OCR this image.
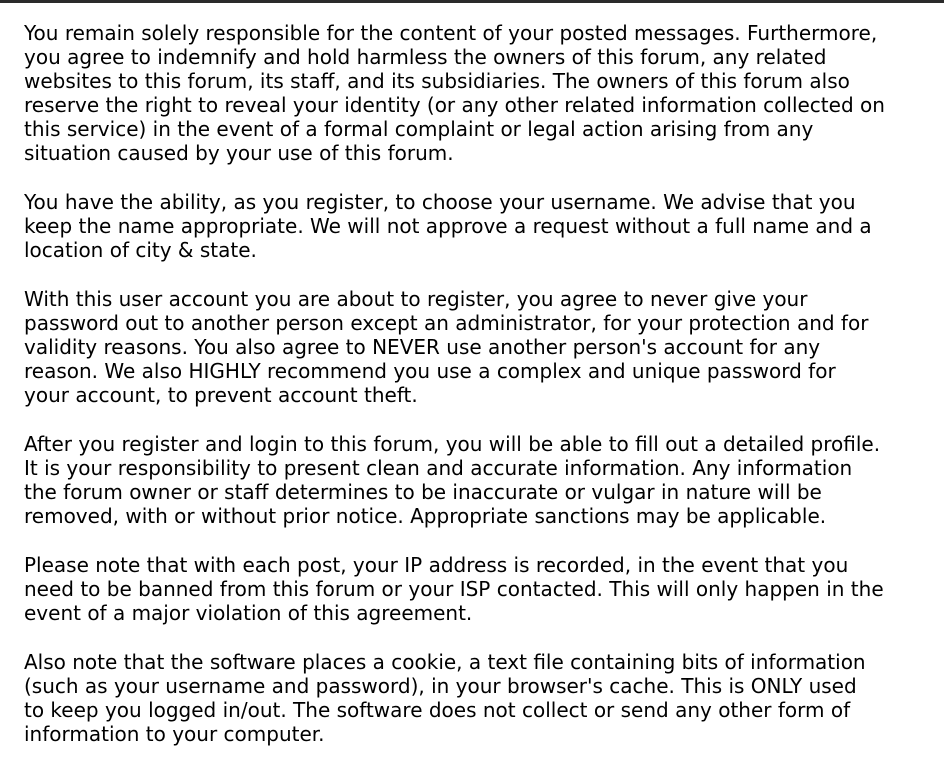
You remain solely responsible for the content of your posted messages. Furthermore,
you agree to indemnify and hold harmless the owners of this forum, any related
websites to this forum, its staff, and its subsidiaries. The owners of this forum also
reserve the right to reveal your identity (or any other related information collected on
this service) in the event of a formal complaint or legal action arising from any
situation caused by your use of this forum.
You have the ability, as you register, to choose your username. We advise that you
keep the name appropriate. We will not approve a request without a full name and a
location of city & state.
With this user account you are about to register, you agree to never give your
password out to another person except an administrator, for your protection and for
validity reasons. You also agree to NEVER use another person's account for any
reason. We also HIGHLY recommend you use a complex and unique password for
your account, to prevent account theft.
After you register and login to this forum, you will be able to fill out a detailed profile.
It is your responsibility to present clean and accurate information. Any information
the forum owner or staff determines to be inaccurate or vulgar in nature will be
removed, with or without prior notice. Appropriate sanctions may be applicable.
Please note that with each post, your IP address is recorded, in the event that you
need to be banned from this forum or your ISP contacted. This will only happen in the
event of a major violation of this agreement.
Also note that the software places a cookie, a text file containing bits of information
(such as your username and password), in your browser's cache. This is ONLY used
to keep you logged in/out. The software does not collect or send any other form of
information to your computer.
